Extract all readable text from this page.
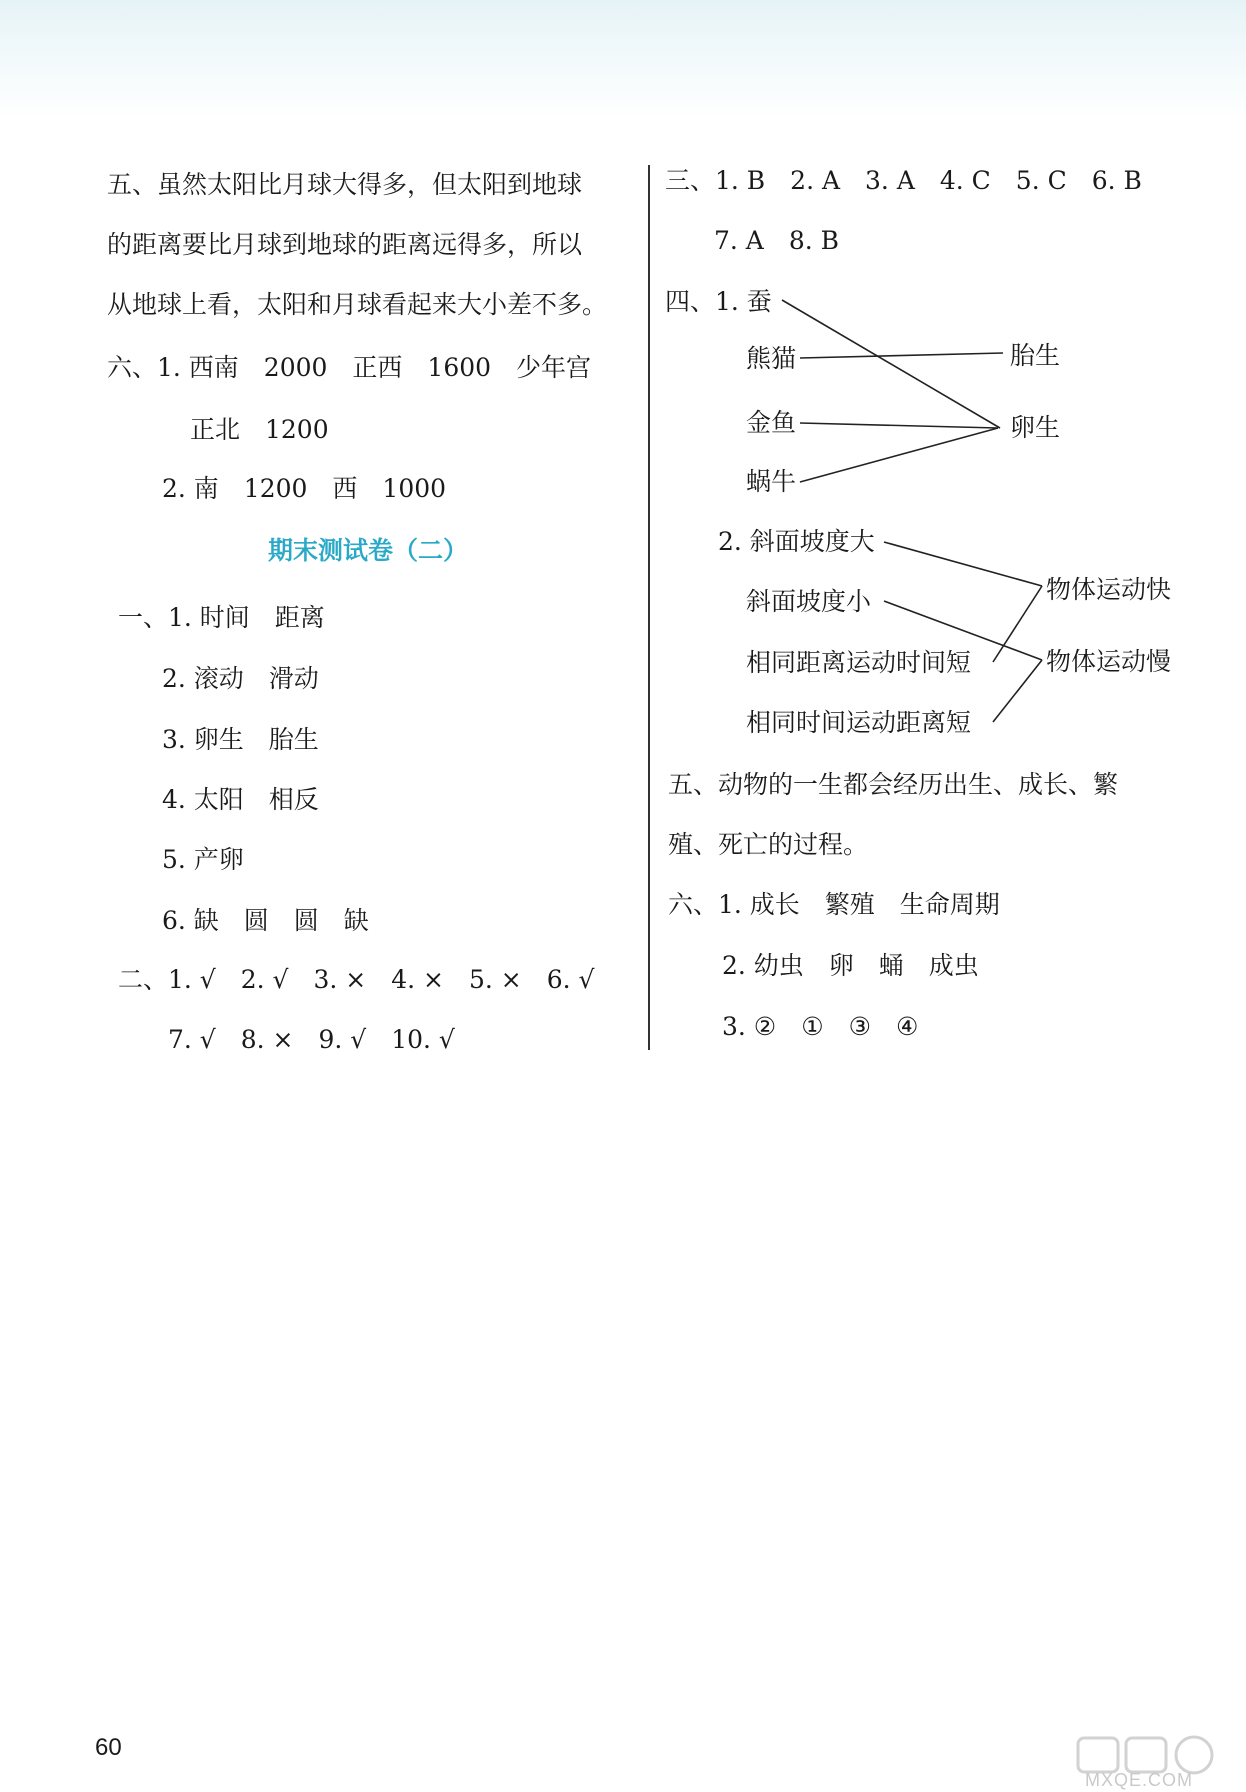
五、虽然太阳比月球大得多，但太阳到地球
的距离要比月球到地球的距离远得多，所以
从地球上看，太阳和月球看起来大小差不多。
六、1. 西南　2000　正西　1600　少年宫
正北　1200
2. 南　1200　西　1000
期末测试卷（二）
一、1. 时间　距离
2. 滚动　滑动
3. 卵生　胎生
4. 太阳　相反
5. 产卵
6. 缺　圆　圆　缺
二、1. √　2. √　3. ×　4. ×　5. ×　6. √
7. √　8. ×　9. √　10. √
三、1. B　2. A　3. A　4. C　5. C　6. B
7. A　8. B
四、1. 蚕
熊猫
金鱼
蜗牛
胎生
卵生
2. 斜面坡度大
斜面坡度小
相同距离运动时间短
相同时间运动距离短
物体运动快
物体运动慢
五、动物的一生都会经历出生、成长、繁
殖、死亡的过程。
六、1. 成长　繁殖　生命周期
2. 幼虫　卵　蛹　成虫
3. ②　①　③　④
60
MXQE.COM
